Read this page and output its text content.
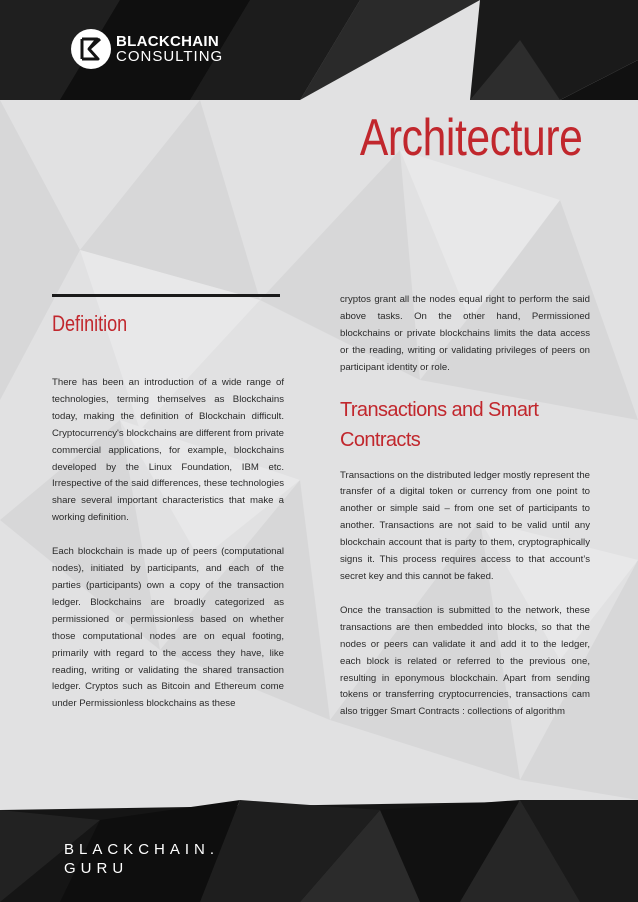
BLACKCHAIN
CONSULTING
Architecture
Definition

There has been an introduction of a wide range of technologies, terming themselves as Blockchains today, making the definition of Blockchain difficult. Cryptocurrency's blockchains are different from private commercial applications, for example, blockchains developed by the Linux Foundation, IBM etc. Irrespective of the said differences, these technologies share several important characteristics that make a working definition.

Each blockchain is made up of peers (computational nodes), initiated by participants, and each of the parties (participants) own a copy of the transaction ledger. Blockchains are broadly categorized as permissioned or permissionless based on whether those computational nodes are on equal footing, primarily with regard to the access they have, like reading, writing or validating the shared transaction ledger. Cryptos such as Bitcoin and Ethereum come under Permissionless blockchains as these

cryptos grant all the nodes equal right to perform the said above tasks. On the other hand, Permissioned blockchains or private blockchains limits the data access or the reading, writing or validating privileges of peers on participant identity or role.

Transactions and Smart Contracts

Transactions on the distributed ledger mostly represent the transfer of a digital token or currency from one point to another or simple said – from one set of participants to another. Transactions are not said to be valid until any blockchain account that is party to them, cryptographically signs it. This process requires access to that account’s secret key and this cannot be faked.

Once the transaction is submitted to the network, these transactions are then embedded into blocks, so that the nodes or peers can validate it and add it to the ledger, each block is related or referred to the previous one, resulting in eponymous blockchain. Apart from sending tokens or transferring cryptocurrencies, transactions cam also trigger Smart Contracts : collections of algorithm

BLACKCHAIN.
GURU
